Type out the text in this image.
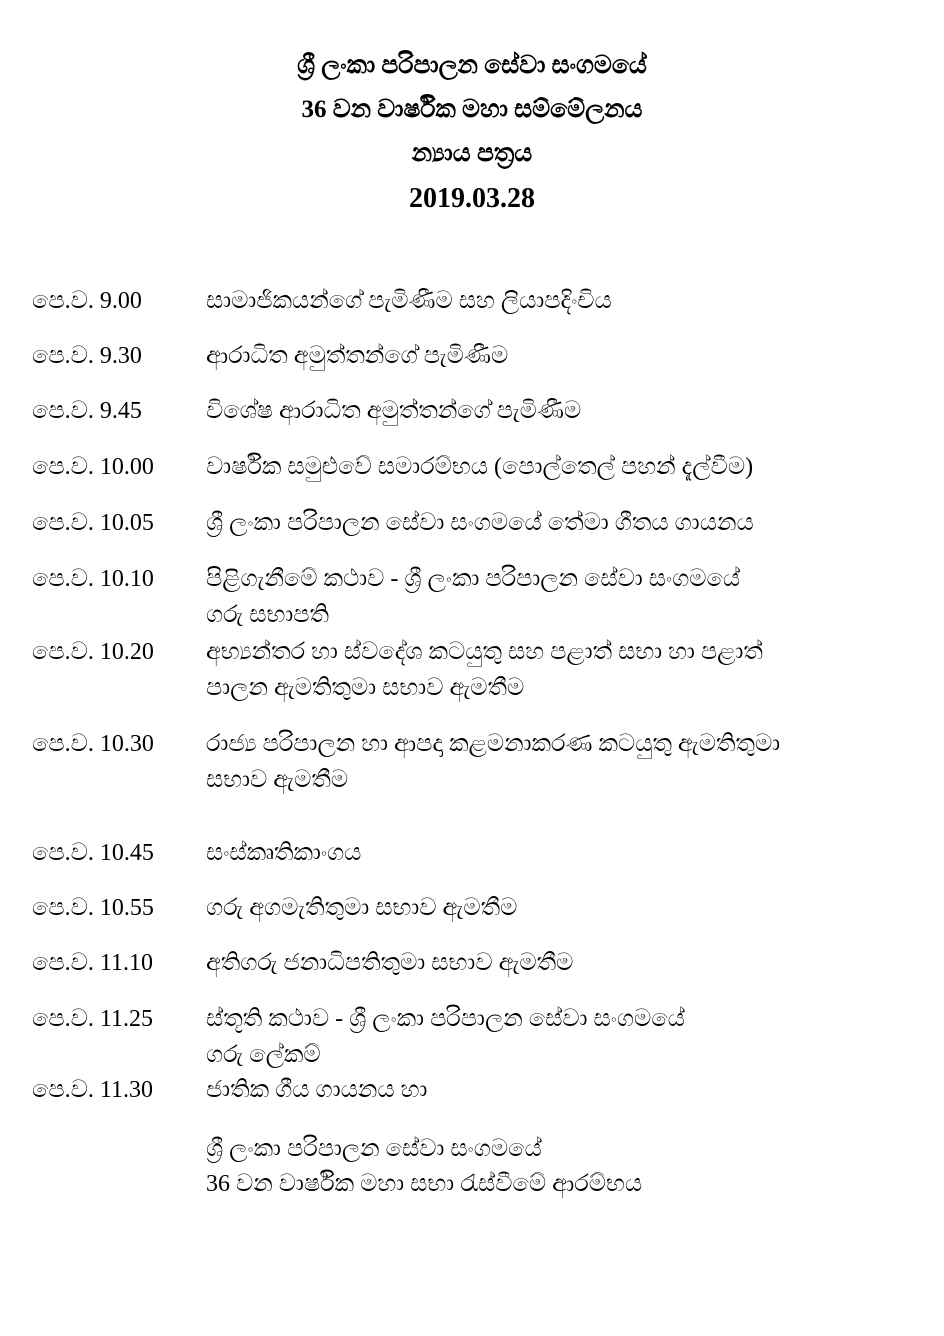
ශ්‍රී ලංකා පරිපාලන සේවා සංගමයේ
36 වන වාර්ෂික මහා සම්මේලනය
න්‍යාය පත්‍රය
2019.03.28
පෙ.ව. 9.00	සාමාජිකයන්ගේ පැමිණීම සහ ලියාපදිංචිය
පෙ.ව. 9.30	ආරාධිත අමුත්තන්ගේ පැමිණීම
පෙ.ව. 9.45	විශේෂ ආරාධිත අමුත්තන්ගේ පැමිණීම
පෙ.ව. 10.00 වාර්ෂික සමුළුවේ සමාරම්භය (පොල්තෙල් පහන් දැල්වීම)
පෙ.ව. 10.05 ශ්‍රී ලංකා පරිපාලන සේවා සංගමයේ තේමා ගීතය ගායනය
පෙ.ව. 10.10 පිළිගැනීමේ කථාව - ශ්‍රී ලංකා පරිපාලන සේවා සංගමයේ
ගරු සභාපති
පෙ.ව. 10.20 අභ්‍යන්තර හා ස්වදේශ කටයුතු සහ පළාත් සභා හා පළාත්
පාලන ඇමතිතුමා සභාව ඇමතීම
පෙ.ව. 10.30 රාජ්‍ය පරිපාලන හා ආපදා කළමනාකරණ කටයුතු ඇමතිතුමා
සභාව ඇමතීම
පෙ.ව. 10.45 සංස්කෘතිකාංගය
පෙ.ව. 10.55 ගරු අගමැතිතුමා සභාව ඇමතීම
පෙ.ව. 11.10 අතිගරු ජනාධිපතිතුමා සභාව ඇමතීම
පෙ.ව. 11.25 ස්තූති කථාව - ශ්‍රී ලංකා පරිපාලන සේවා සංගමයේ
ගරු ලේකම්
පෙ.ව. 11.30 ජාතික ගීය ගායනය හා
ශ්‍රී ලංකා පරිපාලන සේවා සංගමයේ
36 වන වාර්ෂික මහා සභා රැස්වීමේ ආරම්භය
